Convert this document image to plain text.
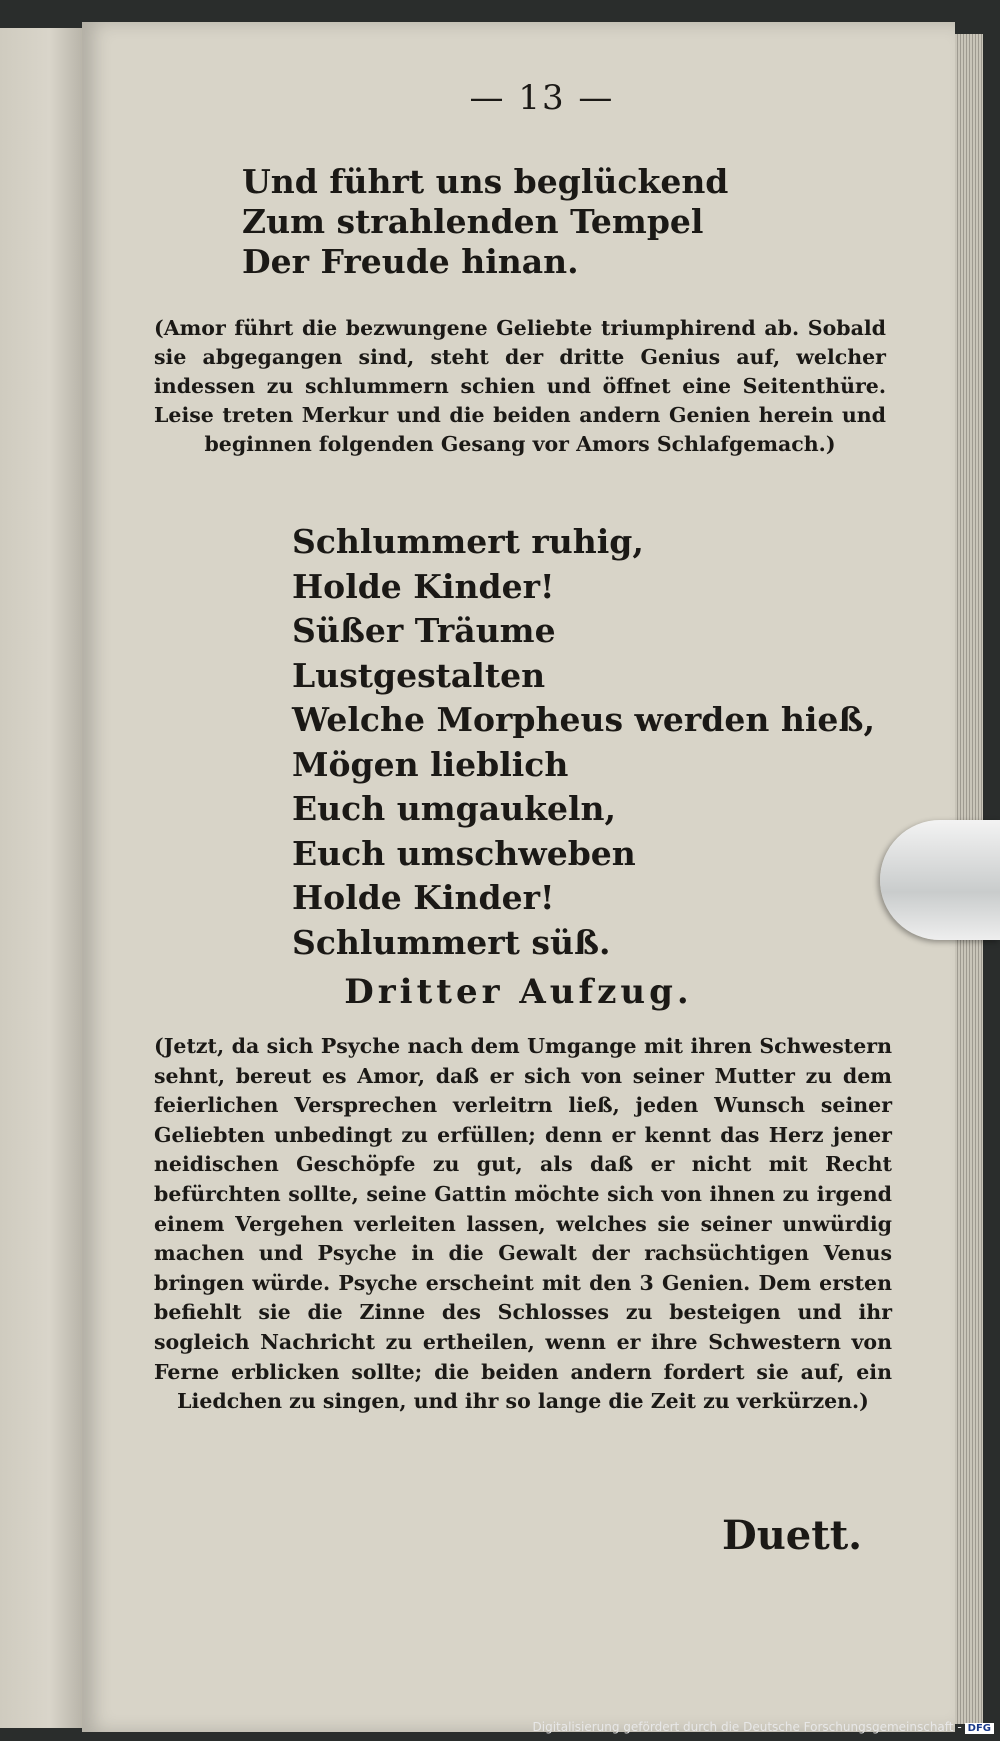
— 13 —
Und führt uns beglückend
Zum strahlenden Tempel
Der Freude hinan.
(Amor führt die bezwungene Geliebte triumphirend ab. Sobald sie abgegangen sind, steht der dritte Genius auf, welcher indessen zu schlummern schien und öffnet eine Seitenthüre. Leise treten Merkur und die beiden andern Genien herein und beginnen folgenden Gesang vor Amors Schlafgemach.)
Schlummert ruhig,
Holde Kinder!
Süßer Träume
Lustgestalten
Welche Morpheus werden hieß,
Mögen lieblich
Euch umgaukeln,
Euch umschweben
Holde Kinder!
Schlummert süß.
Dritter Aufzug.
(Jetzt, da sich Psyche nach dem Umgange mit ihren Schwestern sehnt, bereut es Amor, daß er sich von seiner Mutter zu dem feierlichen Versprechen verleitrn ließ, jeden Wunsch seiner Geliebten unbedingt zu erfüllen; denn er kennt das Herz jener neidischen Geschöpfe zu gut, als daß er nicht mit Recht befürchten sollte, seine Gattin möchte sich von ihnen zu irgend einem Vergehen verleiten lassen, welches sie seiner unwürdig machen und Psyche in die Gewalt der rachsüchtigen Venus bringen würde. Psyche erscheint mit den 3 Genien. Dem ersten befiehlt sie die Zinne des Schlosses zu besteigen und ihr sogleich Nachricht zu ertheilen, wenn er ihre Schwestern von Ferne erblicken sollte; die beiden andern fordert sie auf, ein Liedchen zu singen, und ihr so lange die Zeit zu verkürzen.)
Duett.
Digitalisierung gefördert durch die Deutsche Forschungsgemeinschaft - DFG
